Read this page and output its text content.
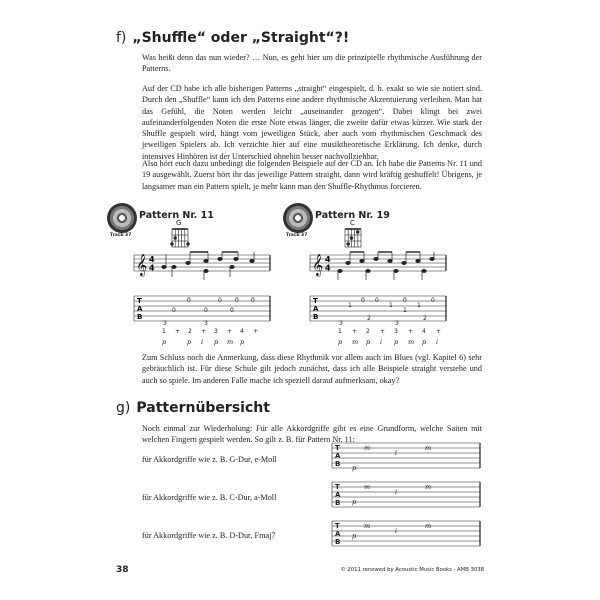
f) „Shuffle“ oder „Straight“?!

Was heißt denn das nun wieder? … Nun, es geht hier um die prinzipielle rhythmische Ausführung der Patterns.

Auf der CD habe ich alle bisherigen Patterns „straight“ eingespielt, d. h. exakt so wie sie notiert sind. Durch den „Shuffle“ kann ich den Patterns eine andere rhythmische Akzentuierung verleihen. Man hat das Gefühl, die Noten werden leicht „auseinander gezogen“. Dabei klingt bei zwei aufeinanderfolgenden Noten die erste Note etwas länger, die zweite dafür etwas kürzer. Wie stark der Shuffle gespielt wird, hängt vom jeweiligen Stück, aber auch vom rhythmischen Geschmack des jeweiligen Spielers ab. Ich verzichte hier auf eine musiktheoretische Erklärung. Ich denke, durch intensives Hinhören ist der Unterschied ohnehin besser nachvollziehbar.

Also hört euch dazu unbedingt die folgenden Beispiele auf der CD an. Ich habe die Patterns Nr. 11 und 19 ausgewählt. Zuerst hört ihr das jeweilige Pattern straight, dann wird kräftig geshuffelt! Übrigens, je langsamer man ein Pattern spielt, je mehr kann man den Shuffle-Rhythmus forcieren.

Track 37
Pattern Nr. 11
G
𝄞 4
4
T
A
B
0	0 0 0
0	0	0
3	3
1 + 2 + 3 + 4 +
p	p i p m p
Track 37
Pattern Nr. 19
C
𝄞 4
4
T
A
B
0 0	0	0
1	1
1
1
3
2
3
2
1 + 2 + 3 + 4 +
p m p i p m p i

Zum Schluss noch die Anmerkung, dass diese Rhythmik vor allem auch im Blues (vgl. Kapitel 6) sehr gebräuchlich ist. Für diese Schule gilt jedoch zunächst, dass ich alle Beispiele straight verstehe und auch so spiele. Im anderen Falle mache ich speziell darauf aufmerksam, okay?

g) Patternübersicht

Noch einmal zur Wiederholung: Für alle Akkordgriffe gibt es eine Grundform, welche Saiten mit welchen Fingern gespielt werden. So gilt z. B. für Pattern Nr. 11:

für Akkordgriffe wie z. B. G-Dur, e-Moll
für Akkordgriffe wie z. B. C-Dur, a-Moll
für Akkordgriffe wie z. B. D-Dur, Fmaj7
T
A
B
T
A
B
T
A
B
m
i
m
p
m
i
m
p
m
i
m
p
38	© 2011 renewed by Acoustic Music Books · AMB 3038
